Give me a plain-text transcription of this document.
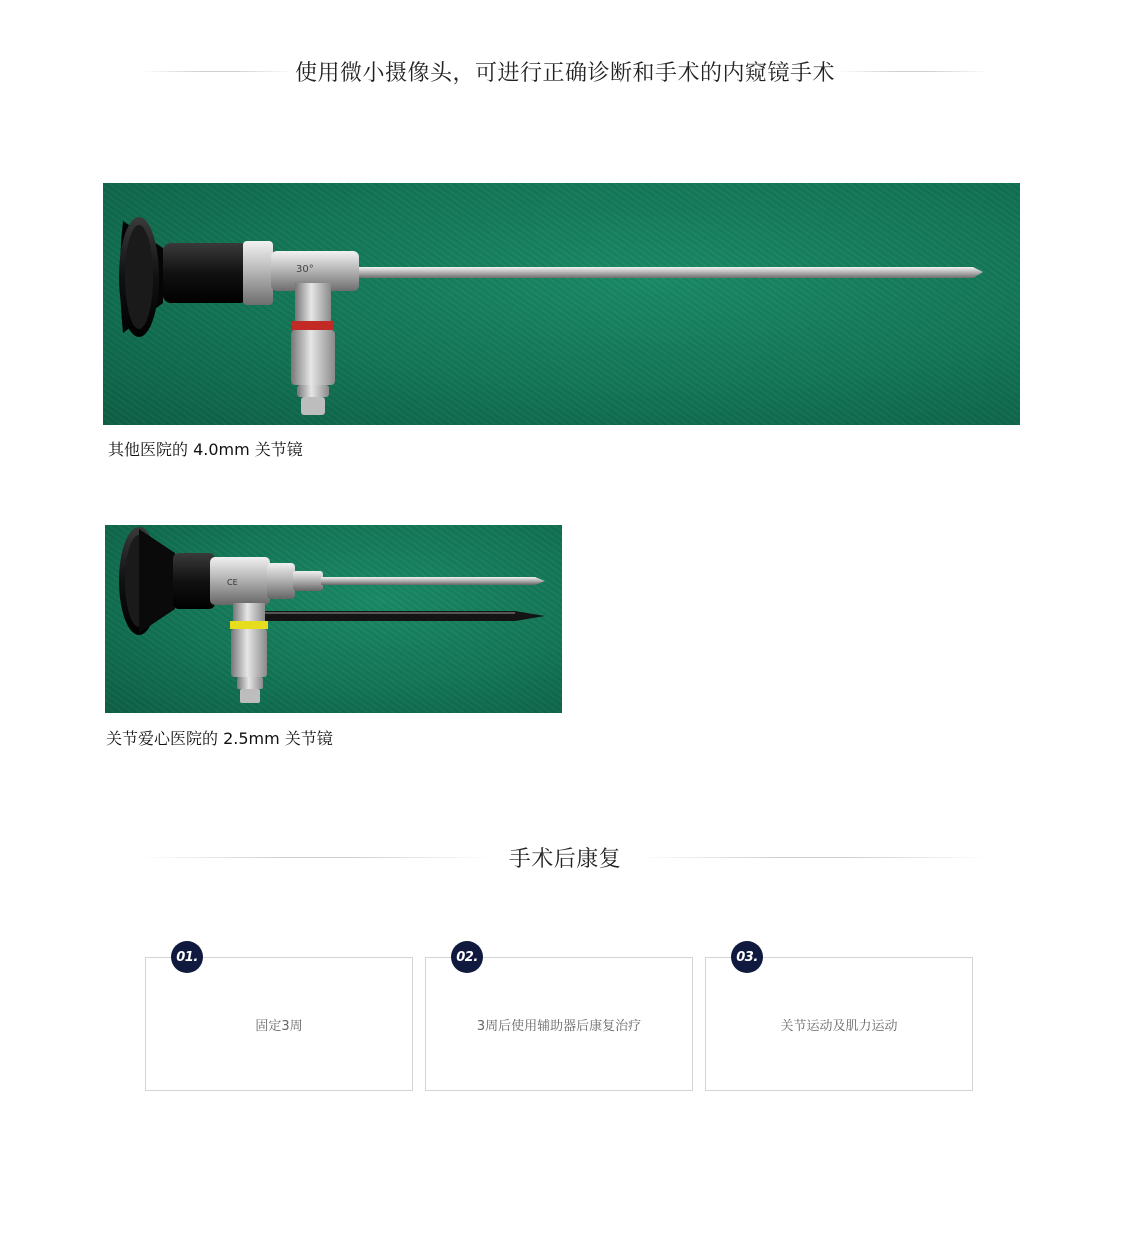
使用微小摄像头，可进行正确诊断和手术的内窥镜手术
30°
其他医院的 4.0mm 关节镜
CE
关节爱心医院的 2.5mm 关节镜
手术后康复
01.
固定3周
02.
3周后使用辅助器后康复治疗
03.
关节运动及肌力运动
